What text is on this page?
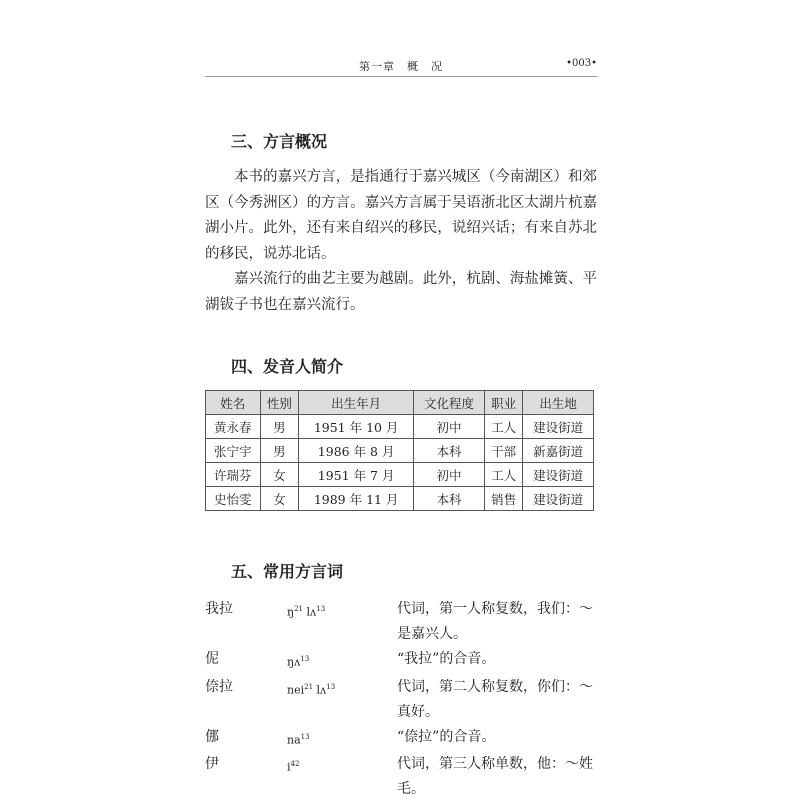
第一章　概　况	•003•
三、方言概况

本书的嘉兴方言，是指通行于嘉兴城区（今南湖区）和郊区（今秀洲区）的方言。嘉兴方言属于吴语浙北区太湖片杭嘉湖小片。此外，还有来自绍兴的移民，说绍兴话；有来自苏北的移民，说苏北话。

嘉兴流行的曲艺主要为越剧。此外，杭剧、海盐摊簧、平湖钹子书也在嘉兴流行。

四、发音人简介
姓名	性别	出生年月	文化程度	职业	出生地
黄永春	男	1951 年 10 月	初中	工人	建设街道
张宁宇	男	1986 年 8 月	本科	干部	新嘉街道
许瑞芬	女	1951 年 7 月	初中	工人	建设街道
史怡雯	女	1989 年 11 月	本科	销售	建设街道
五、常用方言词
我拉	$ŋ^{21}$ lʌ$^{13}$	代词，第一人称复数，我们：～是嘉兴人。
伲	ŋʌ$^{13}$	“我拉”的合音。
倷拉	nei$^{21}$ lʌ$^{13}$	代词，第二人称复数，你们：～真好。
㑚	$na^{13}$	“倷拉”的合音。
伊	$i^{42}$	代词，第三人称单数，他：～姓毛。
